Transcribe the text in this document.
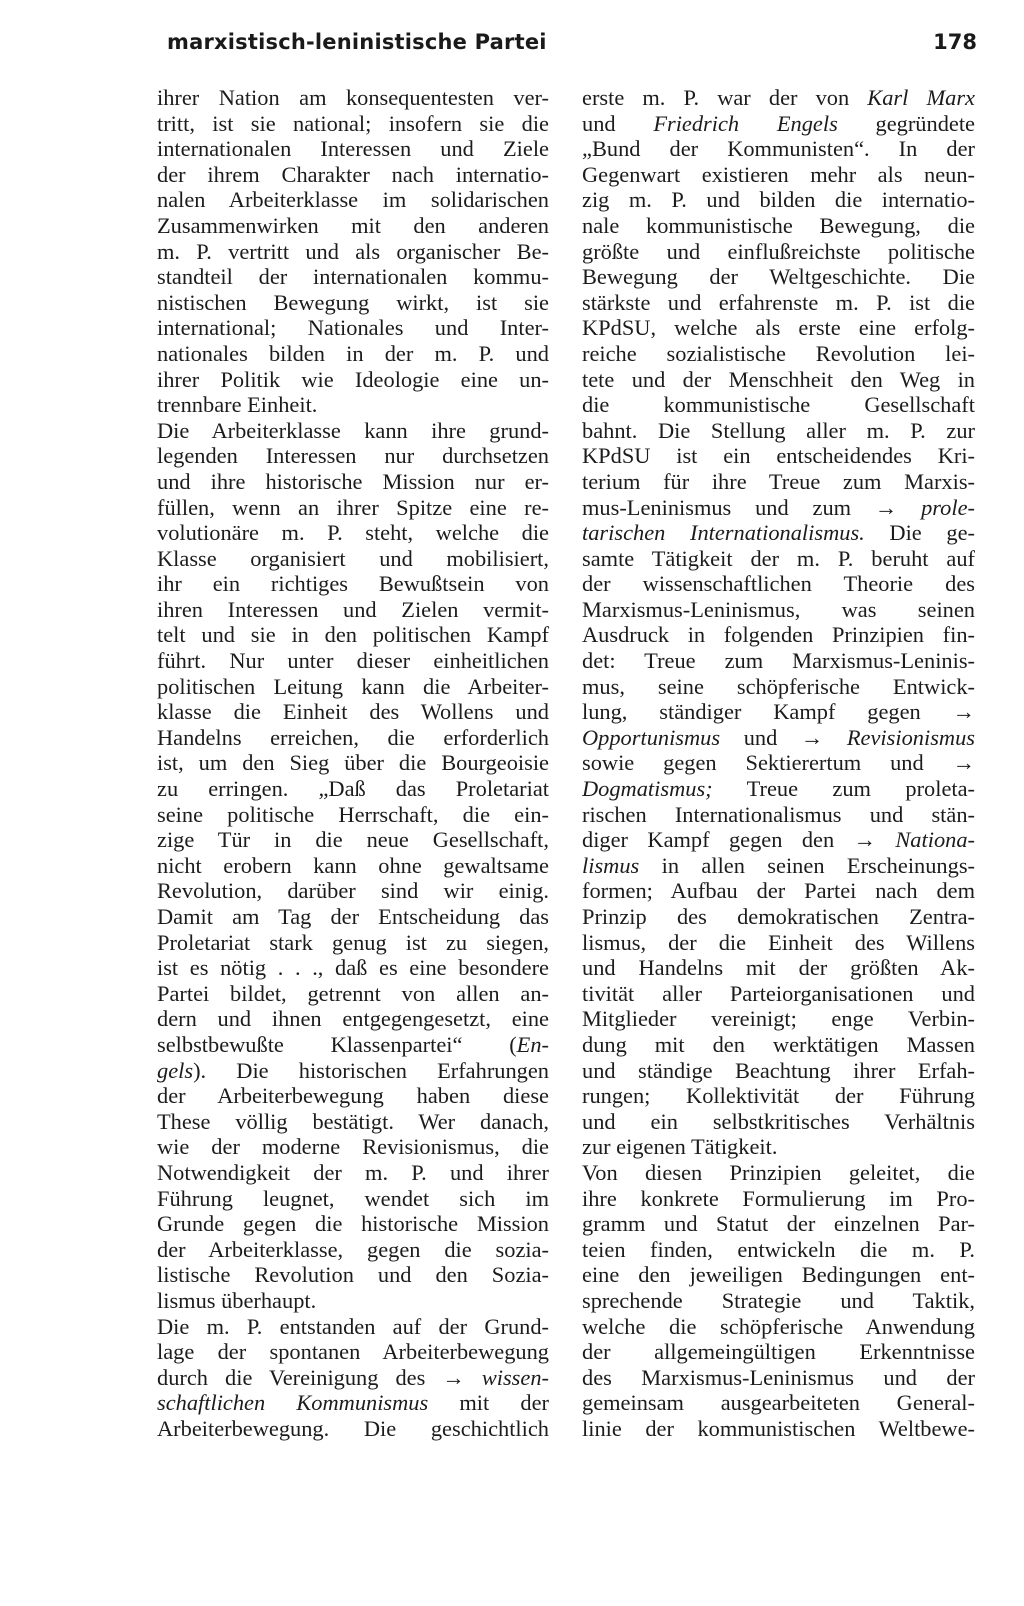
marxistisch-leninistische Partei	178
ihrer Nation am konsequentesten ver-
tritt, ist sie national; insofern sie die
internationalen Interessen und Ziele
der ihrem Charakter nach internatio-
nalen Arbeiterklasse im solidarischen
Zusammenwirken mit den anderen
m. P. vertritt und als organischer Be-
standteil der internationalen kommu-
nistischen Bewegung wirkt, ist sie
international; Nationales und Inter-
nationales bilden in der m. P. und
ihrer Politik wie Ideologie eine un-
trennbare Einheit.
Die Arbeiterklasse kann ihre grund-
legenden Interessen nur durchsetzen
und ihre historische Mission nur er-
füllen, wenn an ihrer Spitze eine re-
volutionäre m. P. steht, welche die
Klasse organisiert und mobilisiert,
ihr ein richtiges Bewußtsein von
ihren Interessen und Zielen vermit-
telt und sie in den politischen Kampf
führt. Nur unter dieser einheitlichen
politischen Leitung kann die Arbeiter-
klasse die Einheit des Wollens und
Handelns erreichen, die erforderlich
ist, um den Sieg über die Bourgeoisie
zu erringen. „Daß das Proletariat
seine politische Herrschaft, die ein-
zige Tür in die neue Gesellschaft,
nicht erobern kann ohne gewaltsame
Revolution, darüber sind wir einig.
Damit am Tag der Entscheidung das
Proletariat stark genug ist zu siegen,
ist es nötig . . ., daß es eine besondere
Partei bildet, getrennt von allen an-
dern und ihnen entgegengesetzt, eine
selbstbewußte Klassenpartei“ (En-
gels). Die historischen Erfahrungen
der Arbeiterbewegung haben diese
These völlig bestätigt. Wer danach,
wie der moderne Revisionismus, die
Notwendigkeit der m. P. und ihrer
Führung leugnet, wendet sich im
Grunde gegen die historische Mission
der Arbeiterklasse, gegen die sozia-
listische Revolution und den Sozia-
lismus überhaupt.
Die m. P. entstanden auf der Grund-
lage der spontanen Arbeiterbewegung
durch die Vereinigung des → wissen-
schaftlichen Kommunismus mit der
Arbeiterbewegung. Die geschichtlich
erste m. P. war der von Karl Marx
und Friedrich Engels gegründete
„Bund der Kommunisten“. In der
Gegenwart existieren mehr als neun-
zig m. P. und bilden die internatio-
nale kommunistische Bewegung, die
größte und einflußreichste politische
Bewegung der Weltgeschichte. Die
stärkste und erfahrenste m. P. ist die
KPdSU, welche als erste eine erfolg-
reiche sozialistische Revolution lei-
tete und der Menschheit den Weg in
die kommunistische Gesellschaft
bahnt. Die Stellung aller m. P. zur
KPdSU ist ein entscheidendes Kri-
terium für ihre Treue zum Marxis-
mus-Leninismus und zum → prole-
tarischen Internationalismus. Die ge-
samte Tätigkeit der m. P. beruht auf
der wissenschaftlichen Theorie des
Marxismus-Leninismus, was seinen
Ausdruck in folgenden Prinzipien fin-
det: Treue zum Marxismus-Leninis-
mus, seine schöpferische Entwick-
lung, ständiger Kampf gegen →
Opportunismus und → Revisionismus
sowie gegen Sektierertum und →
Dogmatismus; Treue zum proleta-
rischen Internationalismus und stän-
diger Kampf gegen den → Nationa-
lismus in allen seinen Erscheinungs-
formen; Aufbau der Partei nach dem
Prinzip des demokratischen Zentra-
lismus, der die Einheit des Willens
und Handelns mit der größten Ak-
tivität aller Parteiorganisationen und
Mitglieder vereinigt; enge Verbin-
dung mit den werktätigen Massen
und ständige Beachtung ihrer Erfah-
rungen; Kollektivität der Führung
und ein selbstkritisches Verhältnis
zur eigenen Tätigkeit.
Von diesen Prinzipien geleitet, die
ihre konkrete Formulierung im Pro-
gramm und Statut der einzelnen Par-
teien finden, entwickeln die m. P.
eine den jeweiligen Bedingungen ent-
sprechende Strategie und Taktik,
welche die schöpferische Anwendung
der allgemeingültigen Erkenntnisse
des Marxismus-Leninismus und der
gemeinsam ausgearbeiteten General-
linie der kommunistischen Weltbewe-
